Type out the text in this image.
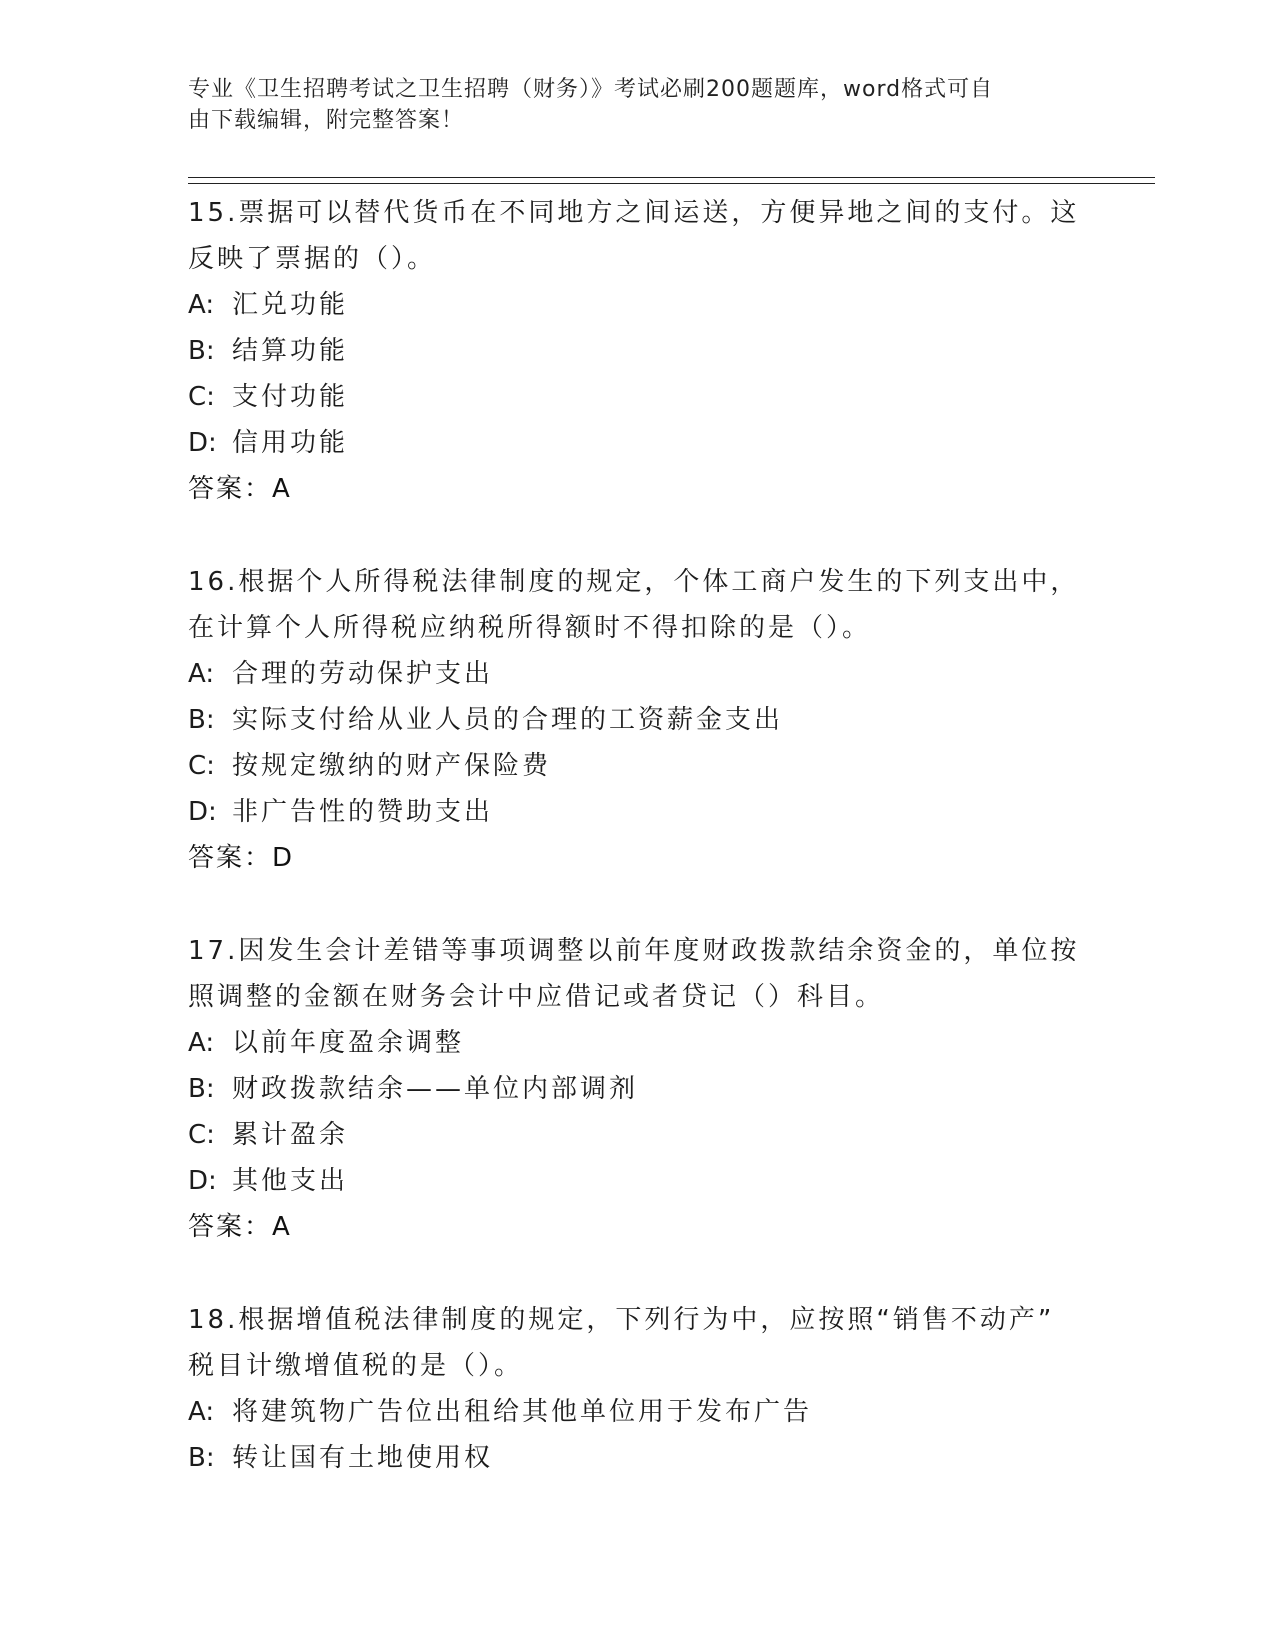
专业《卫生招聘考试之卫生招聘（财务）》考试必刷200题题库，word格式可自
由下载编辑，附完整答案！
15.票据可以替代货币在不同地方之间运送，方便异地之间的支付。这
反映了票据的（）。
A: 汇兑功能
B: 结算功能
C: 支付功能
D: 信用功能
答案：A
16.根据个人所得税法律制度的规定，个体工商户发生的下列支出中，
在计算个人所得税应纳税所得额时不得扣除的是（）。
A: 合理的劳动保护支出
B: 实际支付给从业人员的合理的工资薪金支出
C: 按规定缴纳的财产保险费
D: 非广告性的赞助支出
答案：D
17.因发生会计差错等事项调整以前年度财政拨款结余资金的，单位按
照调整的金额在财务会计中应借记或者贷记（）科目。
A: 以前年度盈余调整
B: 财政拨款结余——单位内部调剂
C: 累计盈余
D: 其他支出
答案：A
18.根据增值税法律制度的规定，下列行为中，应按照“销售不动产”
税目计缴增值税的是（）。
A: 将建筑物广告位出租给其他单位用于发布广告
B: 转让国有土地使用权
